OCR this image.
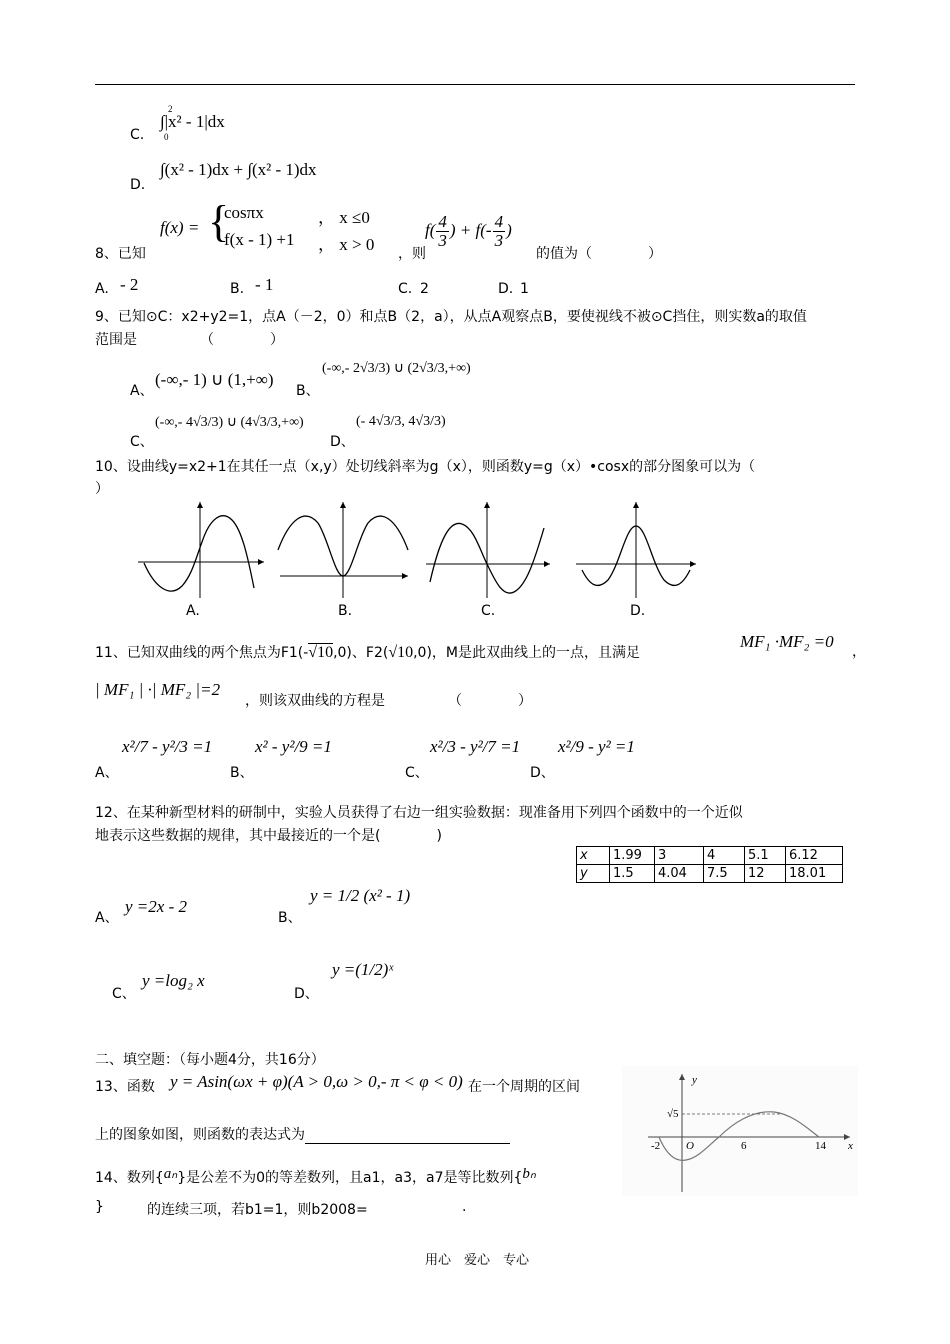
C.
2
0
∫|x² - 1|dx
D.
∫(x² - 1)dx + ∫(x² - 1)dx
8、已知
f(x) = {
cosπx	， x ≤0
f(x - 1) +1 ， x > 0 ，则
$f( \frac{4}{3}$ ) + $f(- \frac{4}{3}$ )
的值为（　　　　）
A. - 2	B. - 1	C. 2	D. 1
9、已知⊙C：x2+y2=1，点A（－2，0）和点B（2，a），从点A观察点B，要使视线不被⊙C挡住，则实数a的取值
范围是　　　　　（　　　　）
A、
(-∞,- 1) ∪ (1,+∞)
B、
(-∞,- 2√3/3) ∪ (2√3/3,+∞)
C、
(-∞,- 4√3/3) ∪ (4√3/3,+∞)
D、
(- 4√3/3, 4√3/3)
10、设曲线y=x2+1在其任一点（x,y）处切线斜率为g（x），则函数y=g（x）•cosx的部分图象可以为（
）
A.	B.	C.	D.
11、已知双曲线的两个焦点为F1(-√10,0)、F2(√10,0)，M是此双曲线上的一点，且满足
MF₁ ·MF₂ =0
，
| MF₁ | ·| MF₂ |=2
，则该双曲线的方程是　　　　　（　　　　）
A、
x²/7 - y²/3 =1
B、
x² - y²/9 =1
C、
x²/3 - y²/7 =1
D、
x²/9 - y² =1
12、在某种新型材料的研制中，实验人员获得了右边一组实验数据：现准备用下列四个函数中的一个近似
地表示这些数据的规律，其中最接近的一个是(　　　　)
x	1.99	3	4	5.1	6.12
y	1.5	4.04	7.5	12	18.01
A、
y =2x - 2
B、
y = 1/2 (x² - 1)
C、
y =log₂ x
D、
y =(1/2)ˣ
二、填空题：（每小题4分，共16分）
13、函数 y = Asin(ωx + φ)(A > 0,ω > 0,- π < φ < 0) 在一个周期的区间
上的图象如图，则函数的表达式为
y
x
O
√5
-2	6	14
14、数列{aₙ}是公差不为0的等差数列，且a1，a3，a7是等比数列{bₙ
}	的连续三项，若b1=1，则b2008=	.
用心　爱心　专心
